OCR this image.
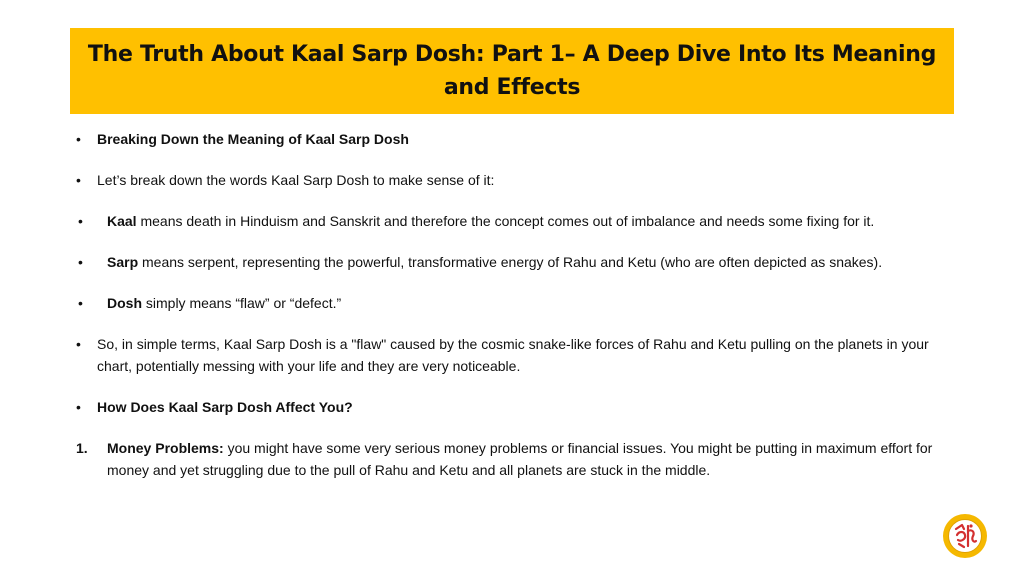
The Truth About Kaal Sarp Dosh: Part 1– A Deep Dive Into Its Meaning and Effects

• Breaking Down the Meaning of Kaal Sarp Dosh

• Let’s break down the words Kaal Sarp Dosh to make sense of it:

• Kaal means death in Hinduism and Sanskrit and therefore the concept comes out of imbalance and needs some fixing for it.

• Sarp means serpent, representing the powerful, transformative energy of Rahu and Ketu (who are often depicted as snakes).

• Dosh simply means “flaw” or “defect.”

• So, in simple terms, Kaal Sarp Dosh is a "flaw" caused by the cosmic snake-like forces of Rahu and Ketu pulling on the planets in your chart, potentially messing with your life and they are very noticeable.

• How Does Kaal Sarp Dosh Affect You?

1. Money Problems: you might have some very serious money problems or financial issues. You might be putting in maximum effort for money and yet struggling due to the pull of Rahu and Ketu and all planets are stuck in the middle.
